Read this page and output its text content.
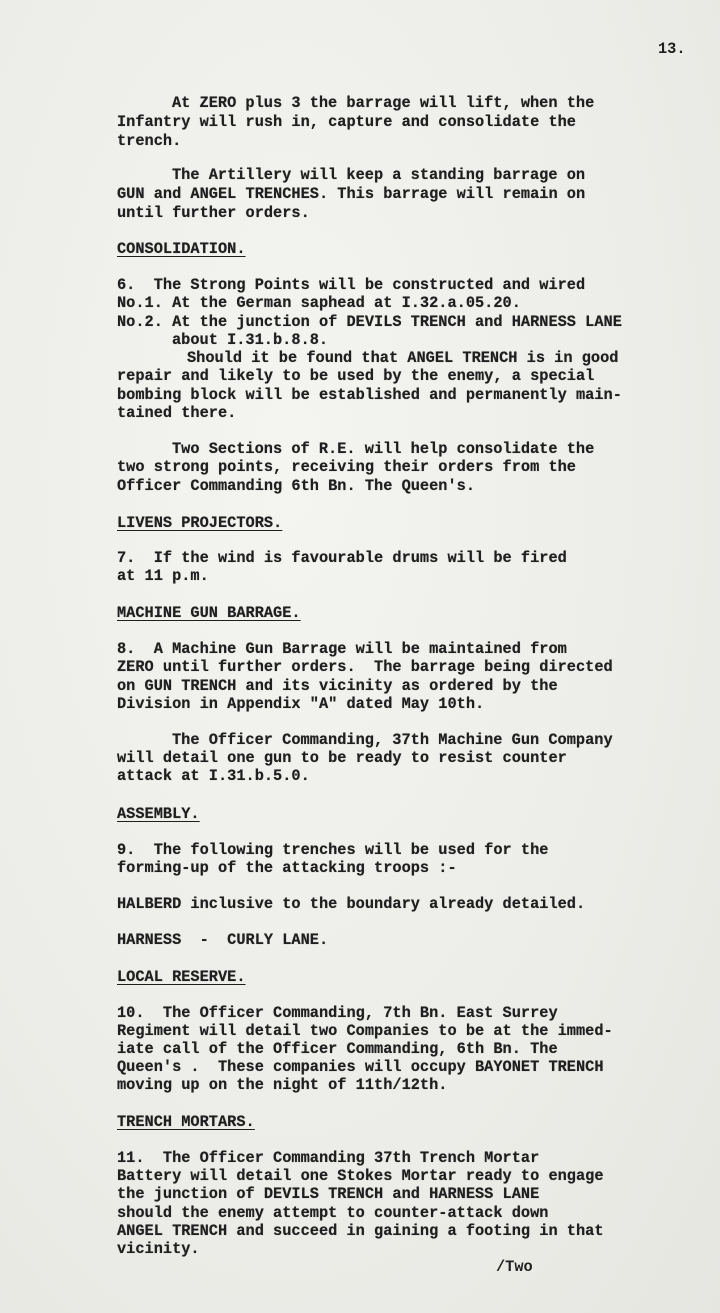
13.
At ZERO plus 3 the barrage will lift, when the
Infantry will rush in, capture and consolidate the
trench.
The Artillery will keep a standing barrage on
GUN and ANGEL TRENCHES. This barrage will remain on
until further orders.
CONSOLIDATION.
6.  The Strong Points will be constructed and wired
No.1. At the German saphead at I.32.a.05.20.
No.2. At the junction of DEVILS TRENCH and HARNESS LANE
about I.31.b.8.8.
Should it be found that ANGEL TRENCH is in good
repair and likely to be used by the enemy, a special
bombing block will be established and permanently main-
tained there.
Two Sections of R.E. will help consolidate the
two strong points, receiving their orders from the
Officer Commanding 6th Bn. The Queen's.
LIVENS PROJECTORS.
7.  If the wind is favourable drums will be fired
at 11 p.m.
MACHINE GUN BARRAGE.
8.  A Machine Gun Barrage will be maintained from
ZERO until further orders.  The barrage being directed
on GUN TRENCH and its vicinity as ordered by the
Division in Appendix "A" dated May 10th.
The Officer Commanding, 37th Machine Gun Company
will detail one gun to be ready to resist counter
attack at I.31.b.5.0.
ASSEMBLY.
9.  The following trenches will be used for the
forming-up of the attacking troops :-
HALBERD inclusive to the boundary already detailed.
HARNESS  -  CURLY LANE.
LOCAL RESERVE.
10.  The Officer Commanding, 7th Bn. East Surrey
Regiment will detail two Companies to be at the immed-
iate call of the Officer Commanding, 6th Bn. The
Queen's .  These companies will occupy BAYONET TRENCH
moving up on the night of 11th/12th.
TRENCH MORTARS.
11.  The Officer Commanding 37th Trench Mortar
Battery will detail one Stokes Mortar ready to engage
the junction of DEVILS TRENCH and HARNESS LANE
should the enemy attempt to counter-attack down
ANGEL TRENCH and succeed in gaining a footing in that
vicinity.
/Two
